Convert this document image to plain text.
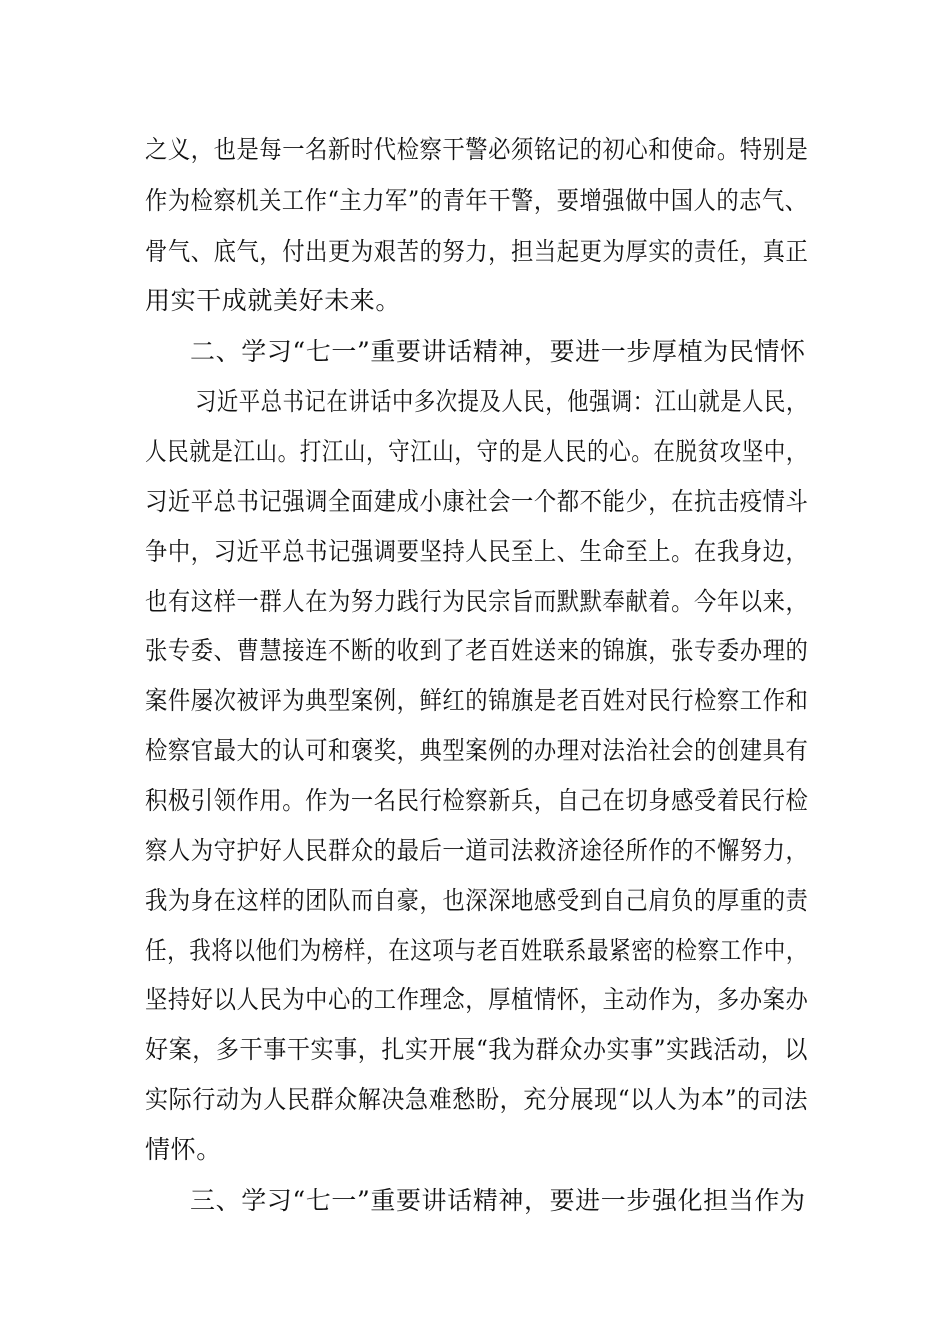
之义，也是每一名新时代检察干警必须铭记的初心和使命。特别是
作为检察机关工作“主力军”的青年干警，要增强做中国人的志气、
骨气、底气，付出更为艰苦的努力，担当起更为厚实的责任，真正
用实干成就美好未来。
二、学习“七一”重要讲话精神，要进一步厚植为民情怀
习近平总书记在讲话中多次提及人民，他强调：江山就是人民，
人民就是江山。打江山，守江山，守的是人民的心。在脱贫攻坚中，
习近平总书记强调全面建成小康社会一个都不能少，在抗击疫情斗
争中，习近平总书记强调要坚持人民至上、生命至上。在我身边，
也有这样一群人在为努力践行为民宗旨而默默奉献着。今年以来，
张专委、曹慧接连不断的收到了老百姓送来的锦旗，张专委办理的
案件屡次被评为典型案例，鲜红的锦旗是老百姓对民行检察工作和
检察官最大的认可和褒奖，典型案例的办理对法治社会的创建具有
积极引领作用。作为一名民行检察新兵，自己在切身感受着民行检
察人为守护好人民群众的最后一道司法救济途径所作的不懈努力，
我为身在这样的团队而自豪，也深深地感受到自己肩负的厚重的责
任，我将以他们为榜样，在这项与老百姓联系最紧密的检察工作中，
坚持好以人民为中心的工作理念，厚植情怀，主动作为，多办案办
好案，多干事干实事，扎实开展“我为群众办实事”实践活动，以
实际行动为人民群众解决急难愁盼，充分展现“以人为本”的司法
情怀。
三、学习“七一”重要讲话精神，要进一步强化担当作为
